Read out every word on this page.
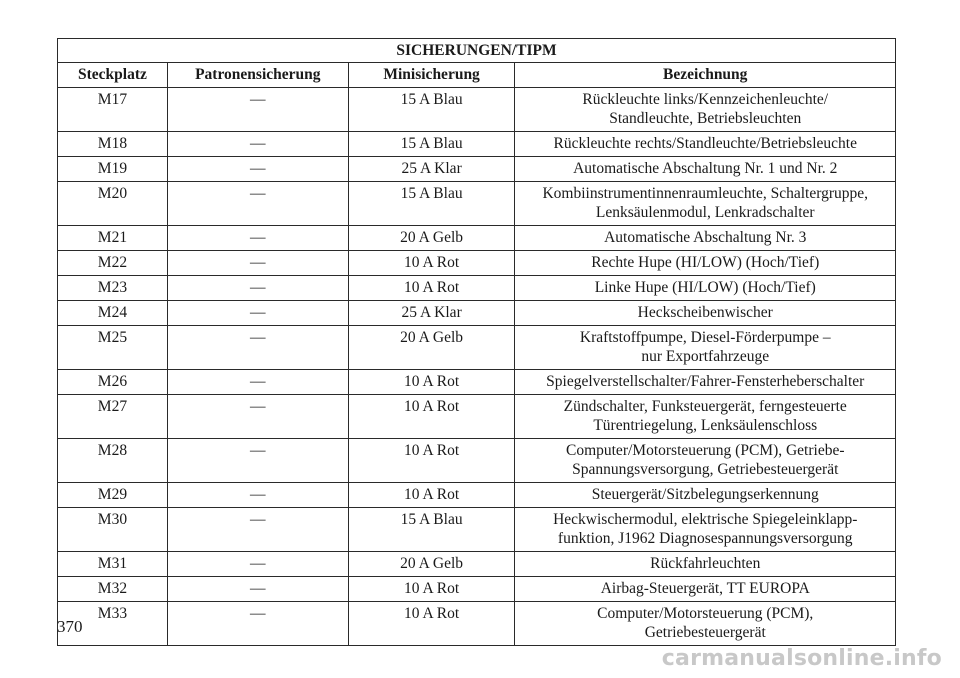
SICHERUNGEN/TIPM			
Steckplatz	Patronensicherung	Minisicherung	Bezeichnung
M17	—	15 A Blau	Rückleuchte links/Kennzeichenleuchte/
Standleuchte, Betriebsleuchten

M18	—	15 A Blau	Rückleuchte rechts/Standleuchte/Betriebsleuchte

M19	—	25 A Klar	Automatische Abschaltung Nr. 1 und Nr. 2

M20	—	15 A Blau	Kombiinstrumentinnenraumleuchte, Schaltergruppe,
Lenksäulenmodul, Lenkradschalter

M21	—	20 A Gelb	Automatische Abschaltung Nr. 3

M22	—	10 A Rot	Rechte Hupe (HI/LOW) (Hoch/Tief)

M23	—	10 A Rot	Linke Hupe (HI/LOW) (Hoch/Tief)

M24	—	25 A Klar	Heckscheibenwischer

M25	—	20 A Gelb	Kraftstoffpumpe, Diesel-Förderpumpe –
nur Exportfahrzeuge

M26	—	10 A Rot	Spiegelverstellschalter/Fahrer-Fensterheberschalter

M27	—	10 A Rot	Zündschalter, Funksteuergerät, ferngesteuerte
Türentriegelung, Lenksäulenschloss

M28	—	10 A Rot	Computer/Motorsteuerung (PCM), Getriebe-
Spannungsversorgung, Getriebesteuergerät

M29	—	10 A Rot	Steuergerät/Sitzbelegungserkennung

M30	—	15 A Blau	Heckwischermodul, elektrische Spiegeleinklapp-
funktion, J1962 Diagnosespannungsversorgung

M31	—	20 A Gelb	Rückfahrleuchten

M32	—	10 A Rot	Airbag-Steuergerät, TT EUROPA

M33	—	10 A Rot	Computer/Motorsteuerung (PCM),
Getriebesteuergerät
370
carmanualsonline.info
